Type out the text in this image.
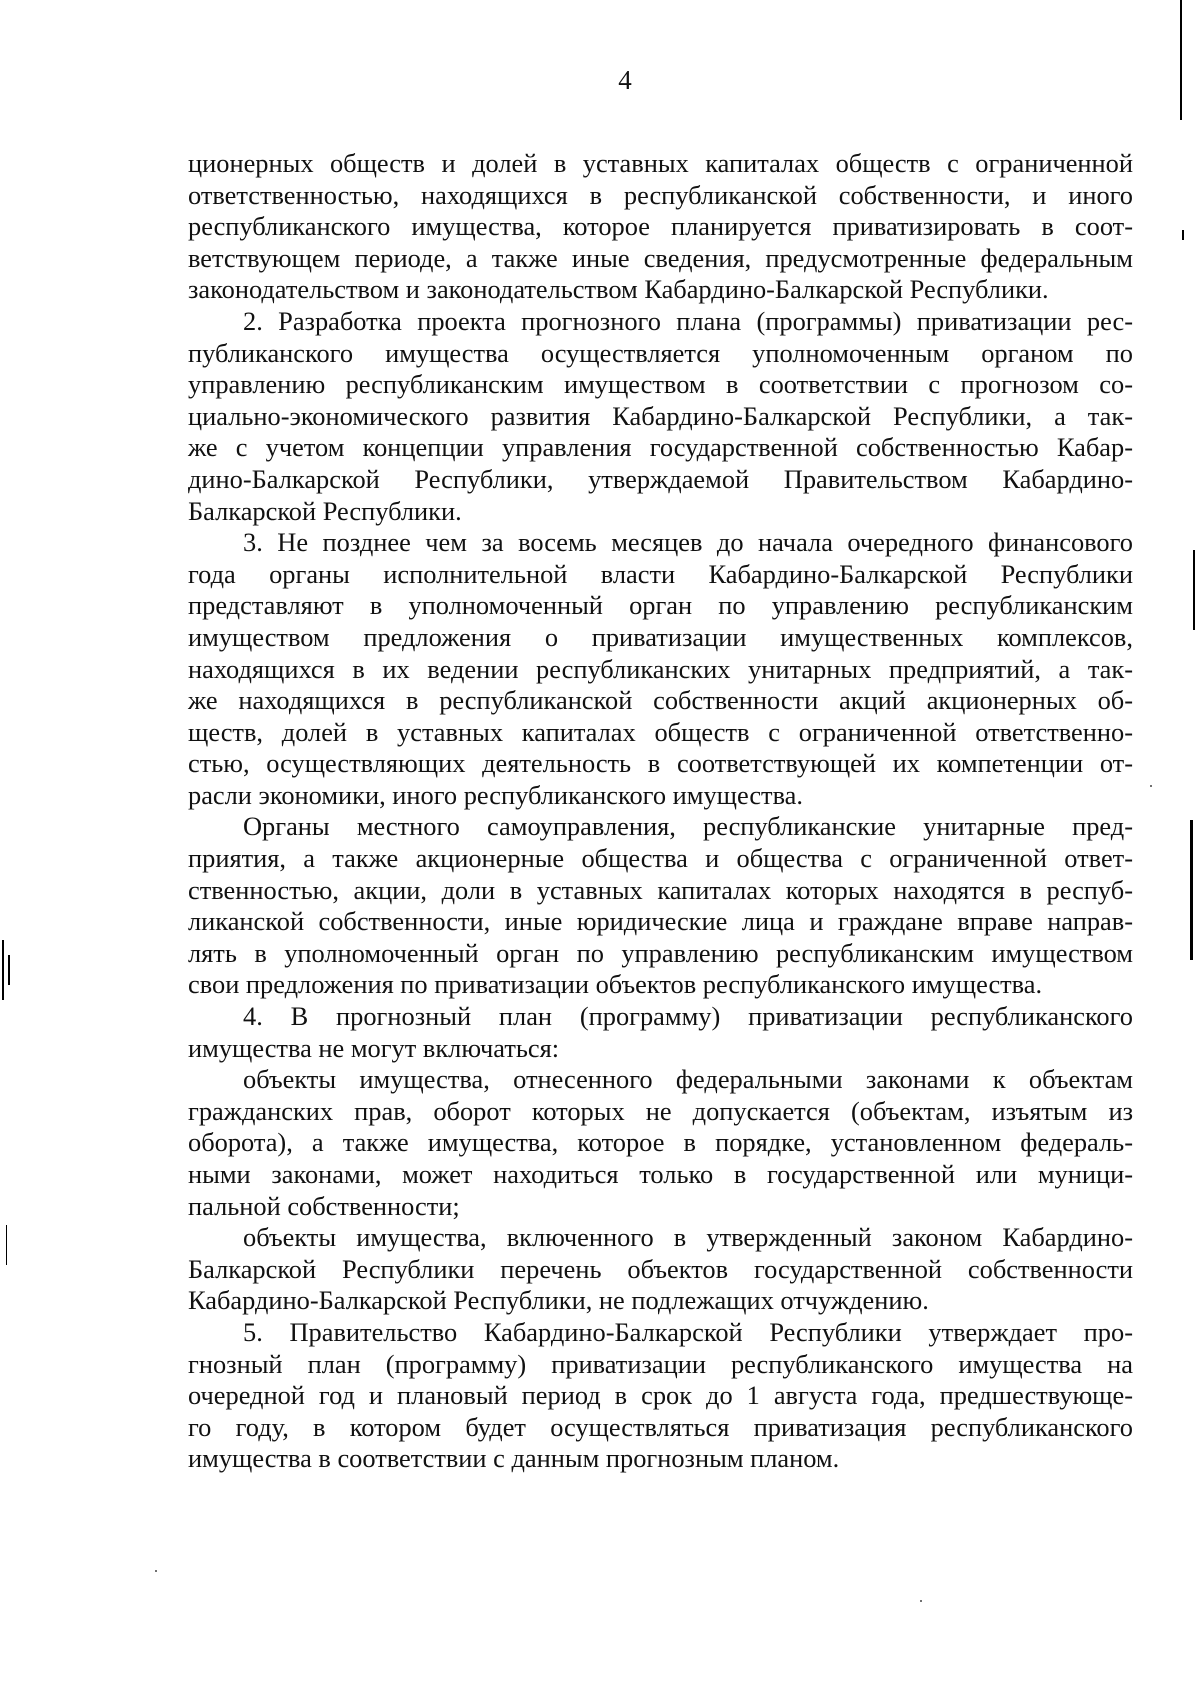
4
ционерных обществ и долей в уставных капиталах обществ с ограниченной
ответственностью, находящихся в республиканской собственности, и иного
республиканского имущества, которое планируется приватизировать в соот-
ветствующем периоде, а также иные сведения, предусмотренные федеральным
законодательством и законодательством Кабардино-Балкарской Республики.
2. Разработка проекта прогнозного плана (программы) приватизации рес-
публиканского имущества осуществляется уполномоченным органом по
управлению республиканским имуществом в соответствии с прогнозом со-
циально-экономического развития Кабардино-Балкарской Республики, а так-
же с учетом концепции управления государственной собственностью Кабар-
дино-Балкарской Республики, утверждаемой Правительством Кабардино-
Балкарской Республики.
3. Не позднее чем за восемь месяцев до начала очередного финансового
года органы исполнительной власти Кабардино-Балкарской Республики
представляют в уполномоченный орган по управлению республиканским
имуществом предложения о приватизации имущественных комплексов,
находящихся в их ведении республиканских унитарных предприятий, а так-
же находящихся в республиканской собственности акций акционерных об-
ществ, долей в уставных капиталах обществ с ограниченной ответственно-
стью, осуществляющих деятельность в соответствующей их компетенции от-
расли экономики, иного республиканского имущества.
Органы местного самоуправления, республиканские унитарные пред-
приятия, а также акционерные общества и общества с ограниченной ответ-
ственностью, акции, доли в уставных капиталах которых находятся в респуб-
ликанской собственности, иные юридические лица и граждане вправе направ-
лять в уполномоченный орган по управлению республиканским имуществом
свои предложения по приватизации объектов республиканского имущества.
4. В прогнозный план (программу) приватизации республиканского
имущества не могут включаться:
объекты имущества, отнесенного федеральными законами к объектам
гражданских прав, оборот которых не допускается (объектам, изъятым из
оборота), а также имущества, которое в порядке, установленном федераль-
ными законами, может находиться только в государственной или муници-
пальной собственности;
объекты имущества, включенного в утвержденный законом Кабардино-
Балкарской Республики перечень объектов государственной собственности
Кабардино-Балкарской Республики, не подлежащих отчуждению.
5. Правительство Кабардино-Балкарской Республики утверждает про-
гнозный план (программу) приватизации республиканского имущества на
очередной год и плановый период в срок до 1 августа года, предшествующе-
го году, в котором будет осуществляться приватизация республиканского
имущества в соответствии с данным прогнозным планом.
